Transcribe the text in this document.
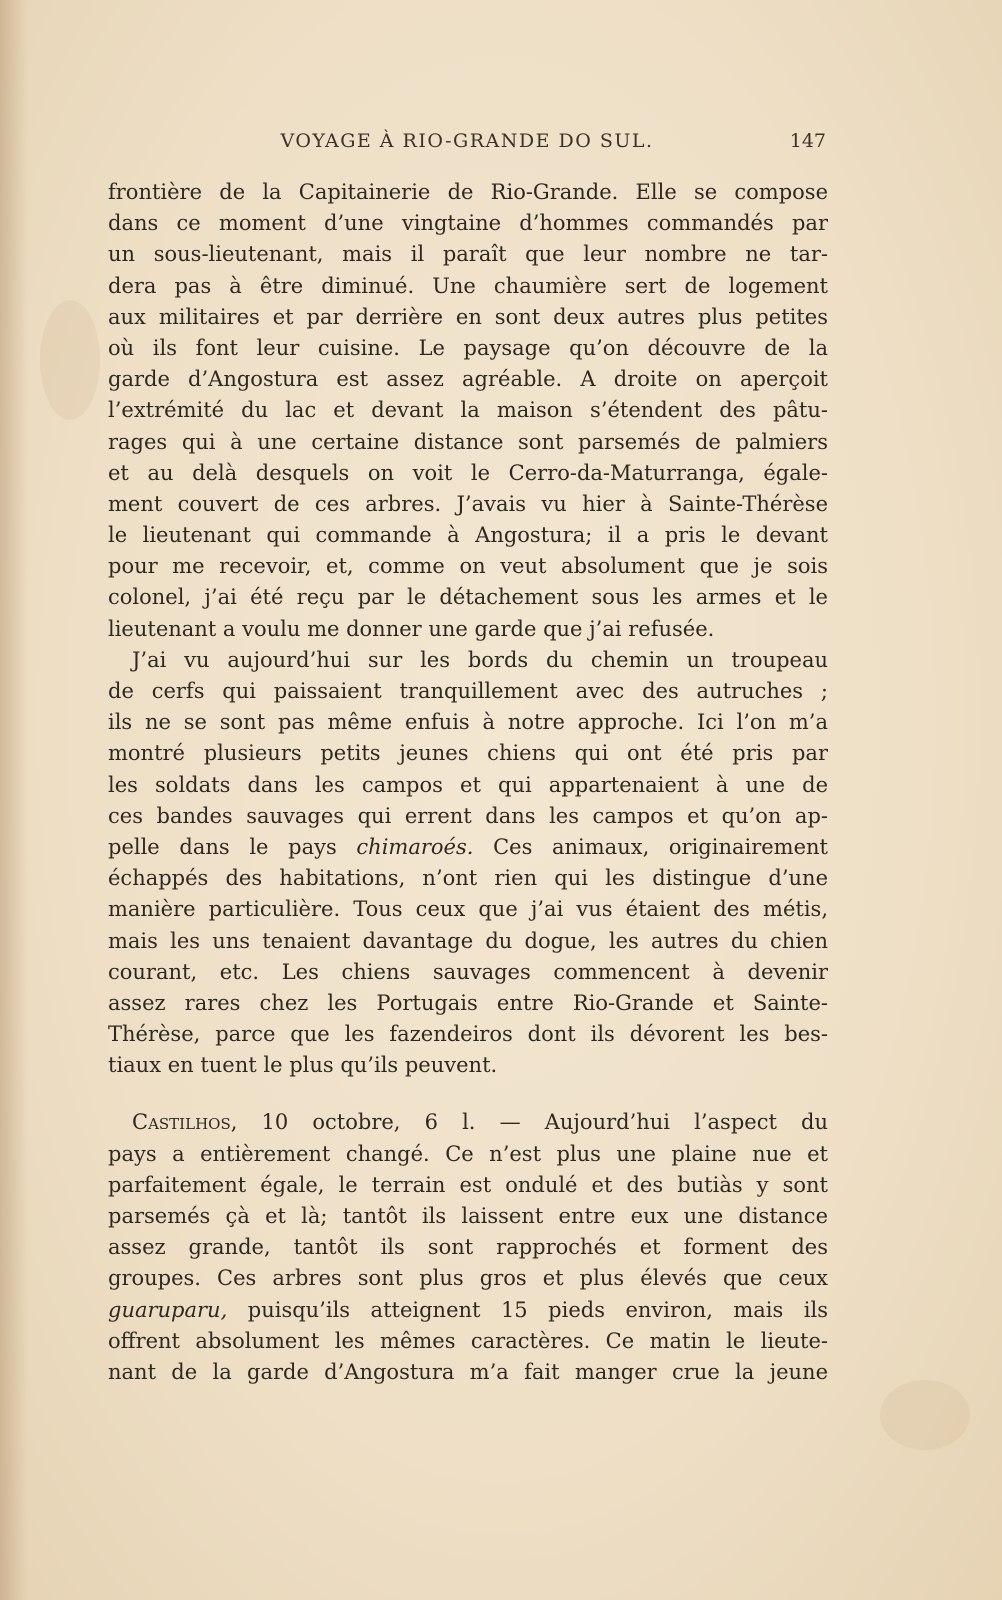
VOYAGE À RIO-GRANDE DO SUL.	147
frontière de la Capitainerie de Rio-Grande. Elle se compose
dans ce moment d’une vingtaine d’hommes commandés par
un sous-lieutenant, mais il paraît que leur nombre ne tar-
dera pas à être diminué. Une chaumière sert de logement
aux militaires et par derrière en sont deux autres plus petites
où ils font leur cuisine. Le paysage qu’on découvre de la
garde d’Angostura est assez agréable. A droite on aperçoit
l’extrémité du lac et devant la maison s’étendent des pâtu-
rages qui à une certaine distance sont parsemés de palmiers
et au delà desquels on voit le Cerro-da-Maturranga, égale-
ment couvert de ces arbres. J’avais vu hier à Sainte-Thérèse
le lieutenant qui commande à Angostura; il a pris le devant
pour me recevoir, et, comme on veut absolument que je sois
colonel, j’ai été reçu par le détachement sous les armes et le
lieutenant a voulu me donner une garde que j’ai refusée.
J’ai vu aujourd’hui sur les bords du chemin un troupeau
de cerfs qui paissaient tranquillement avec des autruches ;
ils ne se sont pas même enfuis à notre approche. Ici l’on m’a
montré plusieurs petits jeunes chiens qui ont été pris par
les soldats dans les campos et qui appartenaient à une de
ces bandes sauvages qui errent dans les campos et qu’on ap-
pelle dans le pays chimaroés. Ces animaux, originairement
échappés des habitations, n’ont rien qui les distingue d’une
manière particulière. Tous ceux que j’ai vus étaient des métis,
mais les uns tenaient davantage du dogue, les autres du chien
courant, etc. Les chiens sauvages commencent à devenir
assez rares chez les Portugais entre Rio-Grande et Sainte-
Thérèse, parce que les fazendeiros dont ils dévorent les bes-
tiaux en tuent le plus qu’ils peuvent.
Castilhos, 10 octobre, 6 l. — Aujourd’hui l’aspect du
pays a entièrement changé. Ce n’est plus une plaine nue et
parfaitement égale, le terrain est ondulé et des butiàs y sont
parsemés çà et là; tantôt ils laissent entre eux une distance
assez grande, tantôt ils sont rapprochés et forment des
groupes. Ces arbres sont plus gros et plus élevés que ceux
guaruparu, puisqu’ils atteignent 15 pieds environ, mais ils
offrent absolument les mêmes caractères. Ce matin le lieute-
nant de la garde d’Angostura m’a fait manger crue la jeune
